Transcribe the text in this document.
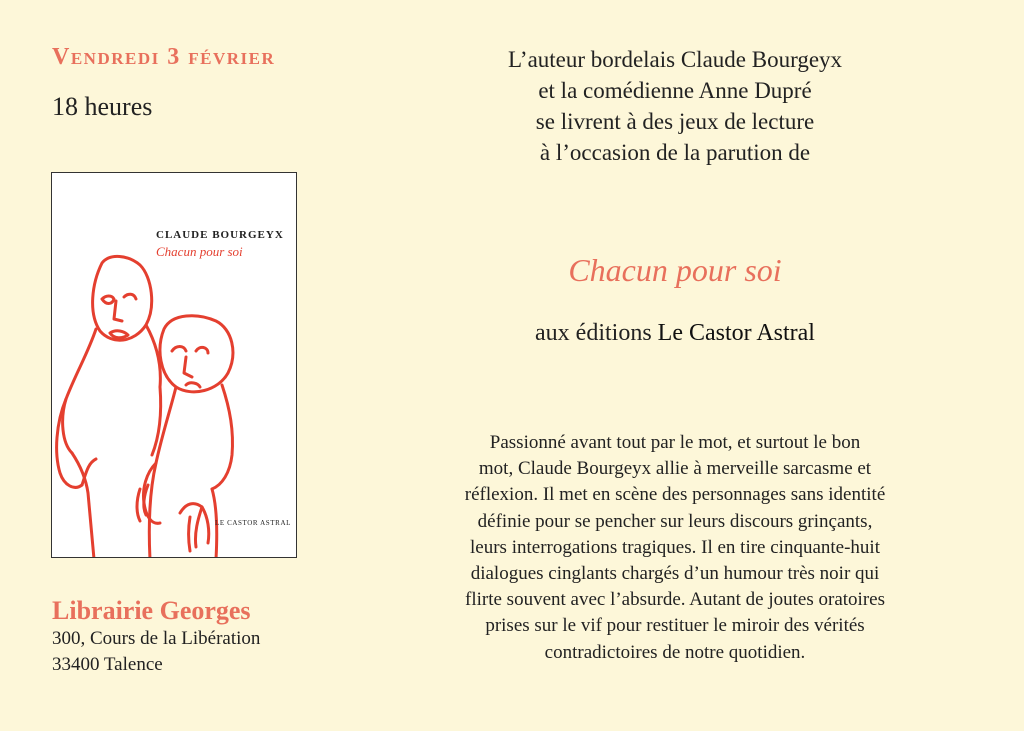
Vendredi 3 février
18 heures
CLAUDE BOURGEYX
Chacun pour soi
LE CASTOR ASTRAL
Librairie Georges
300, Cours de la Libération
33400 Talence
L’auteur bordelais Claude Bourgeyx
et la comédienne Anne Dupré
se livrent à des jeux de lecture
à l’occasion de la parution de
Chacun pour soi
aux éditions Le Castor Astral
Passionné avant tout par le mot, et surtout le bon
mot, Claude Bourgeyx allie à merveille sarcasme et
réflexion. Il met en scène des personnages sans identité
définie pour se pencher sur leurs discours grinçants,
leurs interrogations tragiques. Il en tire cinquante-huit
dialogues cinglants chargés d’un humour très noir qui
flirte souvent avec l’absurde. Autant de joutes oratoires
prises sur le vif pour restituer le miroir des vérités
contradictoires de notre quotidien.
